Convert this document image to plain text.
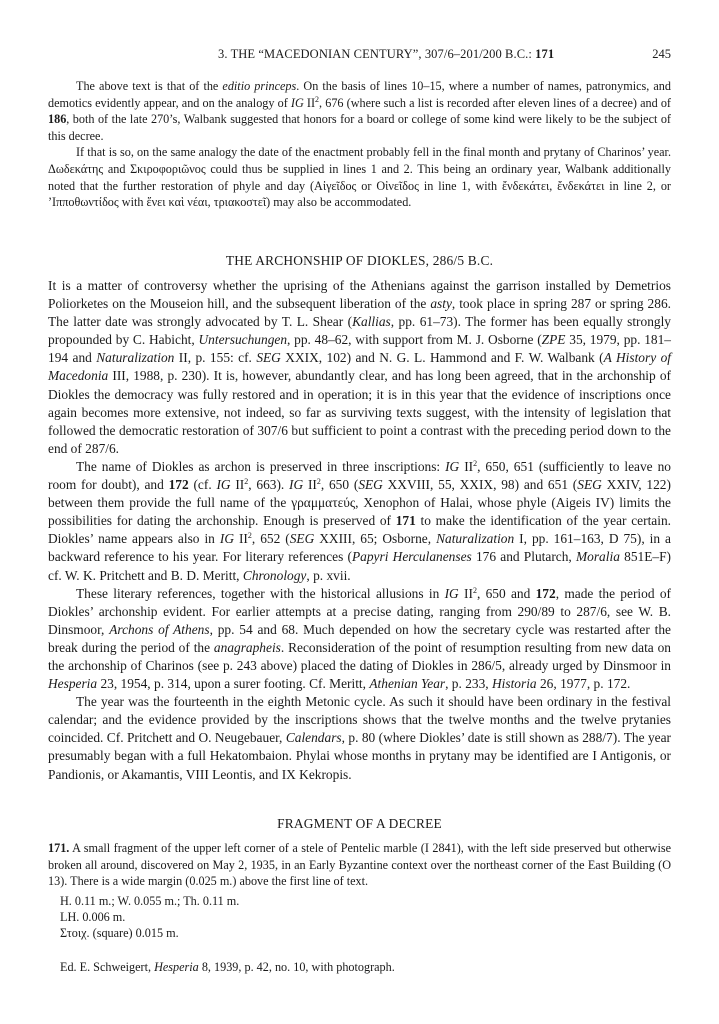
3. THE “MACEDONIAN CENTURY”, 307/6–201/200 B.C.: 171	245

The above text is that of the editio princeps. On the basis of lines 10–15, where a number of names, patronymics, and demotics evidently appear, and on the analogy of IG $II^2$, 676 (where such a list is recorded after eleven lines of a decree) and of 186, both of the late 270’s, Walbank suggested that honors for a board or college of some kind were likely to be the subject of this decree.

If that is so, on the same analogy the date of the enactment probably fell in the final month and prytany of Charinos’ year. Δωδεκάτης and Σκιροφοριῶνος could thus be supplied in lines 1 and 2. This being an ordinary year, Walbank additionally noted that the further restoration of phyle and day (Αἰγεῖδος or Οἰνεῖδος in line 1, with ἔνδεκάτει, ἔνδεκάτει in line 2, or ’Ιπποθωντίδος with ἕνει καὶ νέαι, τριακοστεῖ) may also be accommodated.

THE ARCHONSHIP OF DIOKLES, 286/5 B.C.

It is a matter of controversy whether the uprising of the Athenians against the garrison installed by Demetrios Poliorketes on the Mouseion hill, and the subsequent liberation of the asty, took place in spring 287 or spring 286. The latter date was strongly advocated by T. L. Shear (Kallias, pp. 61–73). The former has been equally strongly propounded by C. Habicht, Untersuchungen, pp. 48–62, with support from M. J. Osborne (ZPE 35, 1979, pp. 181–194 and Naturalization II, p. 155: cf. SEG XXIX, 102) and N. G. L. Hammond and F. W. Walbank (A History of Macedonia III, 1988, p. 230). It is, however, abundantly clear, and has long been agreed, that in the archonship of Diokles the democracy was fully restored and in operation; it is in this year that the evidence of inscriptions once again becomes more extensive, not indeed, so far as surviving texts suggest, with the intensity of legislation that followed the democratic restoration of 307/6 but sufficient to point a contrast with the preceding period down to the end of 287/6.

The name of Diokles as archon is preserved in three inscriptions: IG $II^2$, 650, 651 (sufficiently to leave no room for doubt), and 172 (cf. IG $II^2$, 663). IG $II^2$, 650 (SEG XXVIII, 55, XXIX, 98) and 651 (SEG XXIV, 122) between them provide the full name of the γραμματεύς, Xenophon of Halai, whose phyle (Aigeis IV) limits the possibilities for dating the archonship. Enough is preserved of 171 to make the identification of the year certain. Diokles’ name appears also in IG $II^2$, 652 (SEG XXIII, 65; Osborne, Naturalization I, pp. 161–163, D 75), in a backward reference to his year. For literary references (Papyri Herculanenses 176 and Plutarch, Moralia 851E–F) cf. W. K. Pritchett and B. D. Meritt, Chronology, p. xvii.

These literary references, together with the historical allusions in IG $II^2$, 650 and 172, made the period of Diokles’ archonship evident. For earlier attempts at a precise dating, ranging from 290/89 to 287/6, see W. B. Dinsmoor, Archons of Athens, pp. 54 and 68. Much depended on how the secretary cycle was restarted after the break during the period of the anagrapheis. Reconsideration of the point of resumption resulting from new data on the archonship of Charinos (see p. 243 above) placed the dating of Diokles in 286/5, already urged by Dinsmoor in Hesperia 23, 1954, p. 314, upon a surer footing. Cf. Meritt, Athenian Year, p. 233, Historia 26, 1977, p. 172.

The year was the fourteenth in the eighth Metonic cycle. As such it should have been ordinary in the festival calendar; and the evidence provided by the inscriptions shows that the twelve months and the twelve prytanies coincided. Cf. Pritchett and O. Neugebauer, Calendars, p. 80 (where Diokles’ date is still shown as 288/7). The year presumably began with a full Hekatombaion. Phylai whose months in prytany may be identified are I Antigonis, or Pandionis, or Akamantis, VIII Leontis, and IX Kekropis.

FRAGMENT OF A DECREE

171. A small fragment of the upper left corner of a stele of Pentelic marble (I 2841), with the left side preserved but otherwise broken all around, discovered on May 2, 1935, in an Early Byzantine context over the northeast corner of the East Building (O 13). There is a wide margin (0.025 m.) above the first line of text.

H. 0.11 m.; W. 0.055 m.; Th. 0.11 m.
LH. 0.006 m.
Στοιχ. (square) 0.015 m.
Ed. E. Schweigert, Hesperia 8, 1939, p. 42, no. 10, with photograph.
